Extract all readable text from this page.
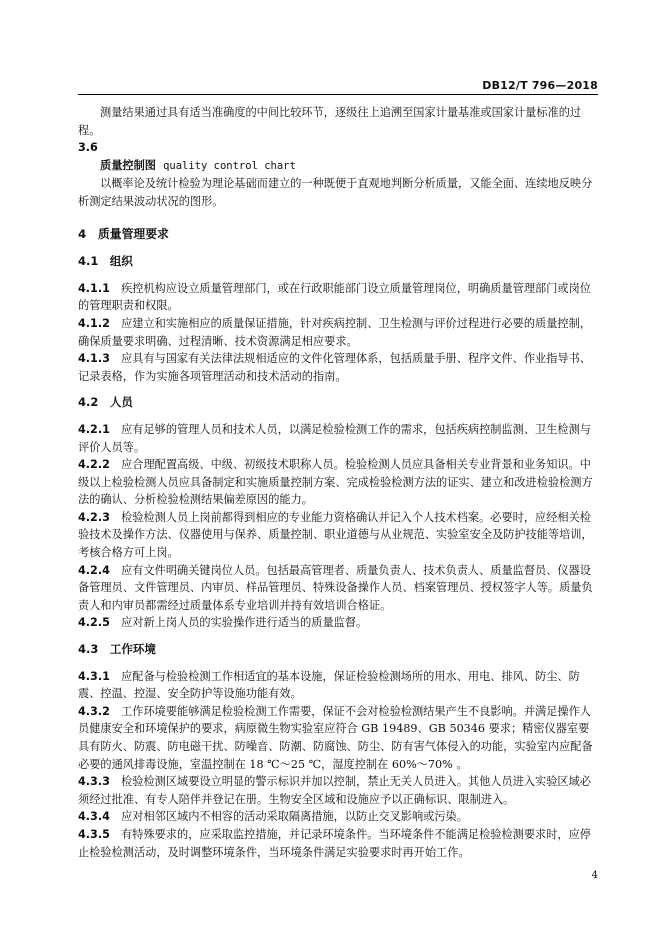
DB12/T 796—2018

测量结果通过具有适当准确度的中间比较环节，逐级往上追溯至国家计量基准或国家计量标准的过程。

3.6

质量控制图 quality control chart

以概率论及统计检验为理论基础而建立的一种既便于直观地判断分析质量，又能全面、连续地反映分析测定结果波动状况的图形。

4　质量管理要求

4.1　组织

4.1.1　 疾控机构应设立质量管理部门，或在行政职能部门设立质量管理岗位，明确质量管理部门或岗位的管理职责和权限。

4.1.2　 应建立和实施相应的质量保证措施，针对疾病控制、卫生检测与评价过程进行必要的质量控制，确保质量要求明确、过程清晰、技术资源满足相应要求。

4.1.3　 应具有与国家有关法律法规相适应的文件化管理体系，包括质量手册、程序文件、作业指导书、记录表格，作为实施各项管理活动和技术活动的指南。

4.2　人员

4.2.1　 应有足够的管理人员和技术人员，以满足检验检测工作的需求，包括疾病控制监测、卫生检测与评价人员等。

4.2.2　 应合理配置高级、中级、初级技术职称人员。检验检测人员应具备相关专业背景和业务知识。中级以上检验检测人员应具备制定和实施质量控制方案、完成检验检测方法的证实、建立和改进检验检测方法的确认、分析检验检测结果偏差原因的能力。

4.2.3　 检验检测人员上岗前都得到相应的专业能力资格确认并记入个人技术档案。必要时，应经相关检验技术及操作方法、仪器使用与保养、质量控制、职业道德与从业规范、实验室安全及防护技能等培训，考核合格方可上岗。

4.2.4　 应有文件明确关键岗位人员。包括最高管理者、质量负责人、技术负责人、质量监督员、仪器设备管理员、文件管理员、内审员、样品管理员、特殊设备操作人员、档案管理员、授权签字人等。质量负责人和内审员都需经过质量体系专业培训并持有效培训合格证。

4.2.5　 应对新上岗人员的实验操作进行适当的质量监督。

4.3　工作环境

4.3.1　 应配备与检验检测工作相适宜的基本设施，保证检验检测场所的用水、用电、排风、防尘、防震、控温、控湿、安全防护等设施功能有效。

4.3.2　 工作环境要能够满足检验检测工作需要，保证不会对检验检测结果产生不良影响。并满足操作人员健康安全和环境保护的要求，病原微生物实验室应符合 GB 19489、GB 50346 要求；精密仪器室要具有防火、防震、防电磁干扰、防噪音、防潮、防腐蚀、防尘、防有害气体侵入的功能，实验室内应配备必要的通风排毒设施，室温控制在 18 ℃～25 ℃，湿度控制在 60%～70% 。

4.3.3　 检验检测区域要设立明显的警示标识并加以控制，禁止无关人员进入。其他人员进入实验区域必须经过批准、有专人陪伴并登记在册。生物安全区域和设施应予以正确标识、限制进入。

4.3.4　 应对相邻区域内不相容的活动采取隔离措施，以防止交叉影响或污染。

4.3.5　 有特殊要求的，应采取监控措施，并记录环境条件。当环境条件不能满足检验检测要求时，应停止检验检测活动，及时调整环境条件，当环境条件满足实验要求时再开始工作。

4
